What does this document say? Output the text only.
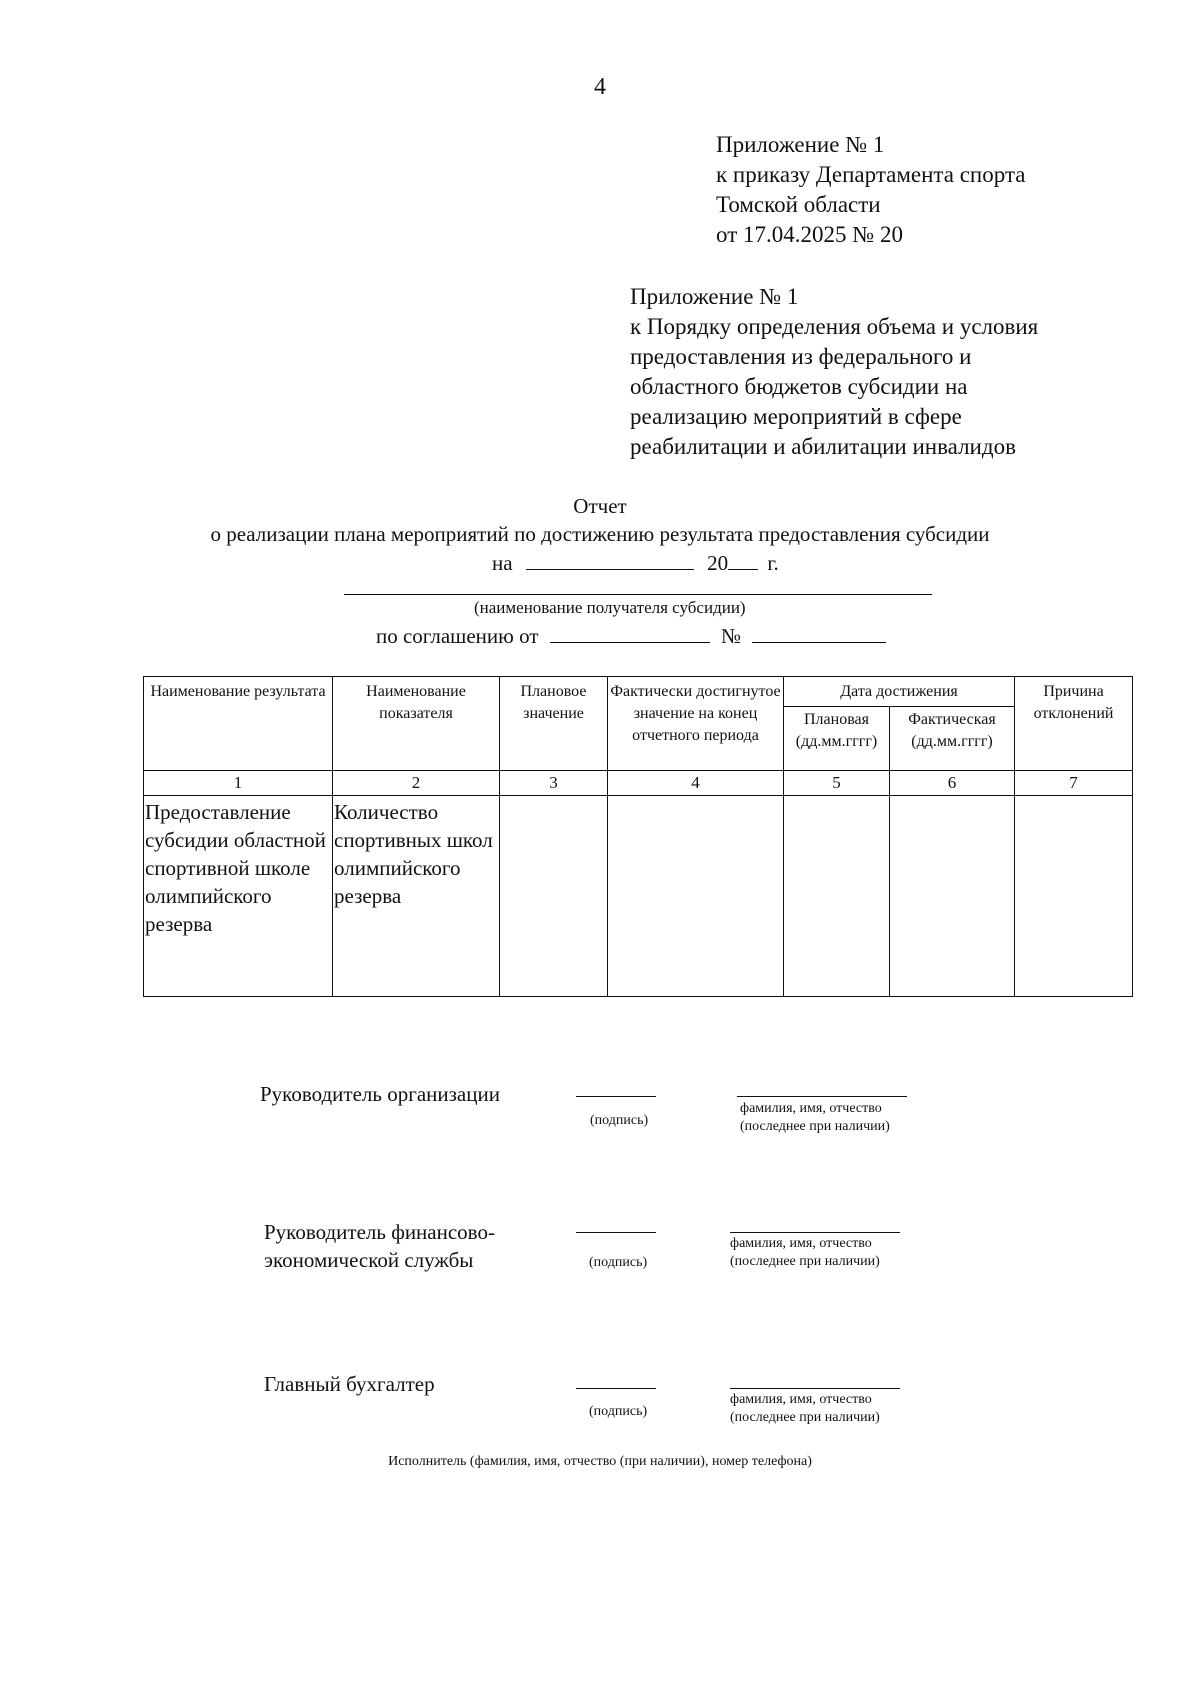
4
Приложение № 1
к приказу Департамента спорта
Томской области
от 17.04.2025 № 20
Приложение № 1
к Порядку определения объема и условия
предоставления из федерального и
областного бюджетов субсидии на
реализацию мероприятий в сфере
реабилитации и абилитации инвалидов
Отчет
о реализации плана мероприятий по достижению результата предоставления субсидии
на	20 г.
(наименование получателя субсидии)
по соглашению от	№
Наименование результата	Наименование показателя	Плановое значение	Фактически достигнутое значение на конец отчетного периода	Дата достижения		Причина отклонений
				Плановая (дд.мм.гггг)	Фактическая (дд.мм.гггг)	
1	2	3	4	5	6	7
Предоставление субсидии областной спортивной школе олимпийского резерва	Количество спортивных школ олимпийского резерва					
Руководитель организации
(подпись)
фамилия, имя, отчество
(последнее при наличии)
Руководитель финансово-
экономической службы	(подпись)
фамилия, имя, отчество
(последнее при наличии)
Главный бухгалтер
(подпись)
фамилия, имя, отчество
(последнее при наличии)
Исполнитель (фамилия, имя, отчество (при наличии), номер телефона)
